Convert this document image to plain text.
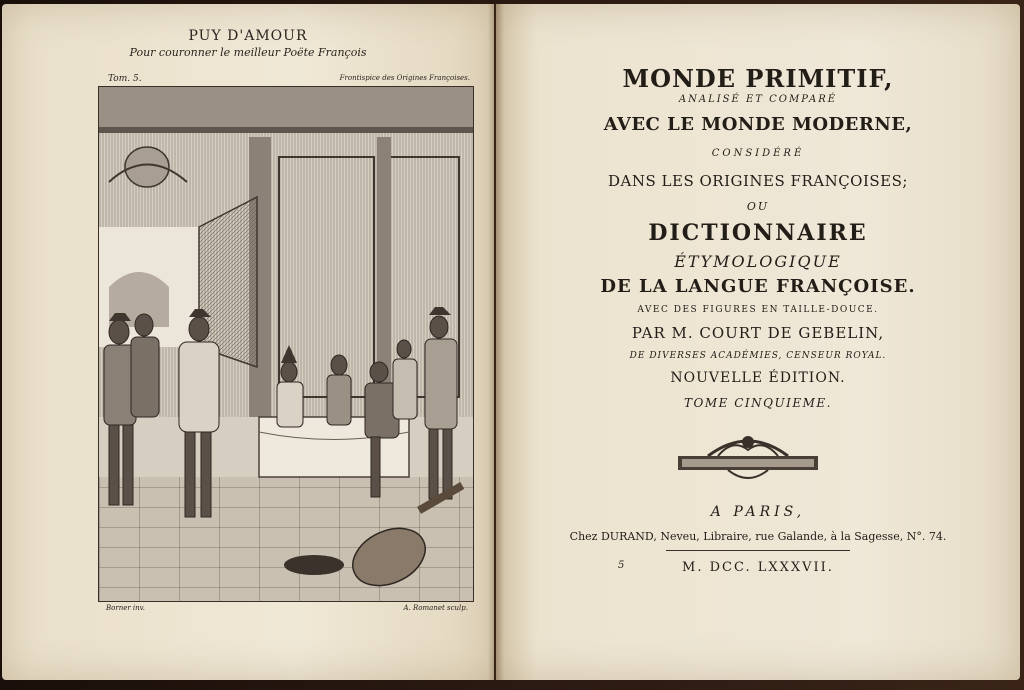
PUY D'AMOUR
Pour couronner le meilleur Poëte François
Tom. 5.	Frontispice des Origines Françoises.
Borner inv.	A. Romanet sculp.
MONDE PRIMITIF,
ANALISÉ ET COMPARÉ
AVEC LE MONDE MODERNE,
CONSIDÉRÉ
DANS LES ORIGINES FRANÇOISES;
OU
DICTIONNAIRE
ÉTYMOLOGIQUE
DE LA LANGUE FRANÇOISE.
AVEC DES FIGURES EN TAILLE-DOUCE.
PAR M. COURT DE GEBELIN,
DE DIVERSES ACADÉMIES, CENSEUR ROYAL.
NOUVELLE ÉDITION.
TOME CINQUIEME.
A PARIS,
Chez DURAND, Neveu, Libraire, rue Galande, à la Sagesse, N°. 74.
5	M. DCC. LXXXVII.
